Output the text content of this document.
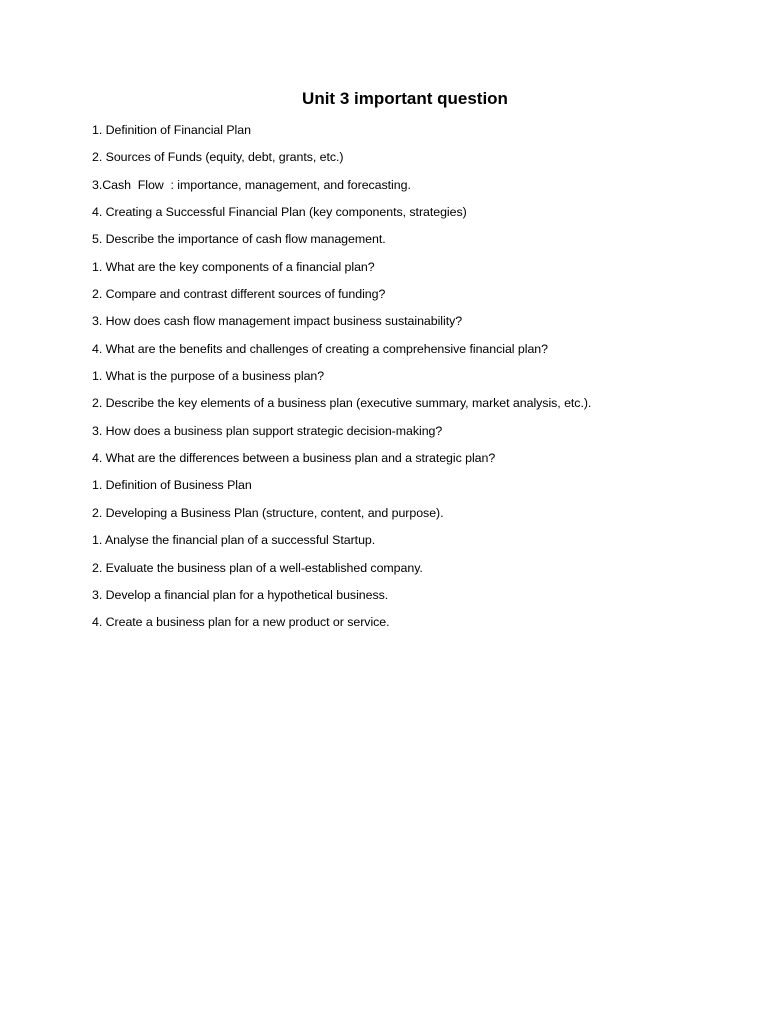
Unit 3 important question
1. Definition of Financial Plan
2. Sources of Funds (equity, debt, grants, etc.)
3.Cash  Flow  : importance, management, and forecasting.
4. Creating a Successful Financial Plan (key components, strategies)
5. Describe the importance of cash flow management.
1. What are the key components of a financial plan?
2. Compare and contrast different sources of funding?
3. How does cash flow management impact business sustainability?
4. What are the benefits and challenges of creating a comprehensive financial plan?
1. What is the purpose of a business plan?
2. Describe the key elements of a business plan (executive summary, market analysis, etc.).
3. How does a business plan support strategic decision-making?
4. What are the differences between a business plan and a strategic plan?
1. Definition of Business Plan
2. Developing a Business Plan (structure, content, and purpose).
1. Analyse the financial plan of a successful Startup.
2. Evaluate the business plan of a well-established company.
3. Develop a financial plan for a hypothetical business.
4. Create a business plan for a new product or service.
